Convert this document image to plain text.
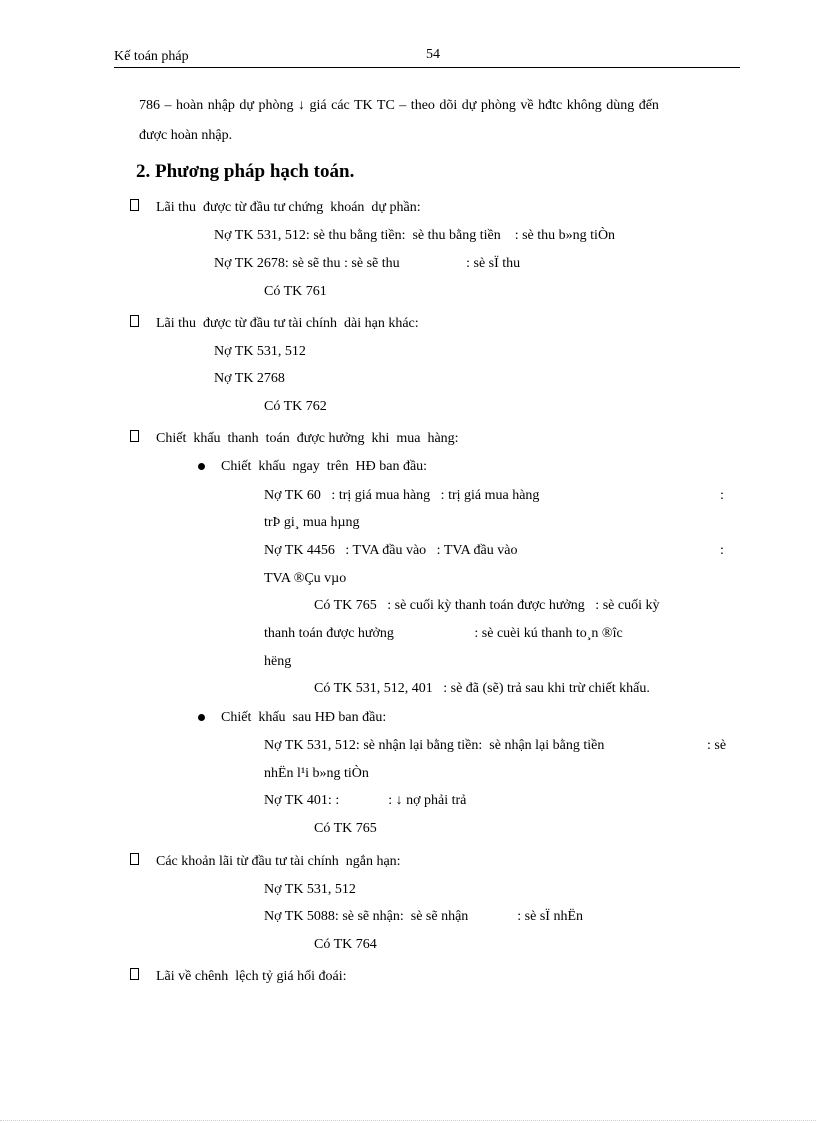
Kế toán pháp	54
786 – hoàn nhập dự phòng ↓ giá các TK TC – theo dõi dự phòng về hđtc không dùng đến
được hoàn nhập.
2. Phương pháp hạch toán.
Lãi thu  được từ đầu tư chứng  khoán  dự phần:
Nợ TK 531, 512: sè thu bằng tiền:  sè thu bằng tiền    : sè thu b»ng tiÒn
Nợ TK 2678: sè sẽ thu : sè sẽ thu                   : sè sÏ thu
Có TK 761
Lãi thu  được từ đầu tư tài chính  dài hạn khác:
Nợ TK 531, 512
Nợ TK 2768
Có TK 762
Chiết  khấu  thanh  toán  được hưởng  khi  mua  hàng:
Chiết  khấu  ngay  trên  HĐ ban đầu:
Nợ TK 60   : trị giá mua hàng   : trị giá mua hàng	:
trÞ gi¸ mua hµng
Nợ TK 4456   : TVA đầu vào   : TVA đầu vào	:
TVA ®Çu vµo
Có TK 765   : sè cuối kỳ thanh toán được hưởng   : sè cuối kỳ
thanh toán được hưởng                       : sè cuèi kú thanh to¸n ®îc
hëng
Có TK 531, 512, 401   : sè đã (sẽ) trả sau khi trừ chiết khấu.
Chiết  khấu  sau HĐ ban đầu:
Nợ TK 531, 512: sè nhận lại bằng tiền:  sè nhận lại bằng tiền	: sè
nhËn l¹i b»ng tiÒn
Nợ TK 401: :              : ↓ nợ phải trả
Có TK 765
Các khoản lãi từ đầu tư tài chính  ngắn hạn:
Nợ TK 531, 512
Nợ TK 5088: sè sẽ nhận:  sè sẽ nhận              : sè sÏ nhËn
Có TK 764
Lãi về chênh  lệch tỷ giá hối đoái:
